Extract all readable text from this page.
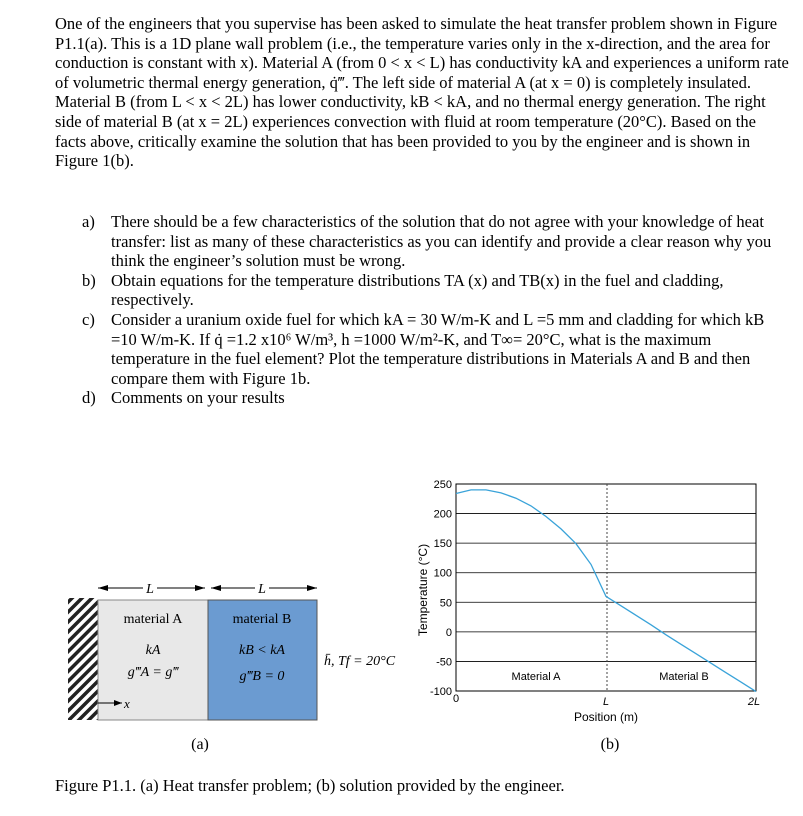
One of the engineers that you supervise has been asked to simulate the heat transfer problem shown in Figure P1.1(a). This is a 1D plane wall problem (i.e., the temperature varies only in the x-direction, and the area for conduction is constant with x). Material A (from 0 < x < L) has conductivity kA and experiences a uniform rate of volumetric thermal energy generation, q̇‴. The left side of material A (at x = 0) is completely insulated. Material B (from L < x < 2L) has lower conductivity, kB < kA, and no thermal energy generation. The right side of material B (at x = 2L) experiences convection with fluid at room temperature (20°C). Based on the facts above, critically examine the solution that has been provided to you by the engineer and is shown in Figure 1(b).

a) There should be a few characteristics of the solution that do not agree with your knowledge of heat transfer: list as many of these characteristics as you can identify and provide a clear reason why you think the engineer’s solution must be wrong.
b) Obtain equations for the temperature distributions TA (x) and TB(x) in the fuel and cladding, respectively.
c) Consider a uranium oxide fuel for which kA = 30 W/m-K and L =5 mm and cladding for which kB =10 W/m-K. If q̇ =1.2 x10⁶ W/m³, h =1000 W/m²-K, and T∞= 20°C, what is the maximum temperature in the fuel element? Plot the temperature distributions in Materials A and B and then compare them with Figure 1b.
d) Comments on your results
L	L
material A
kA
g‴A = g‴
material B
kB < kA
g‴B = 0
h̄, Tf = 20°C
x
(a)
250
200
150
100
50
0
-50
-100
0	L	2L
Material A	Material B
Position (m)
Temperature (°C)
(b)
Figure P1.1. (a) Heat transfer problem; (b) solution provided by the engineer.
